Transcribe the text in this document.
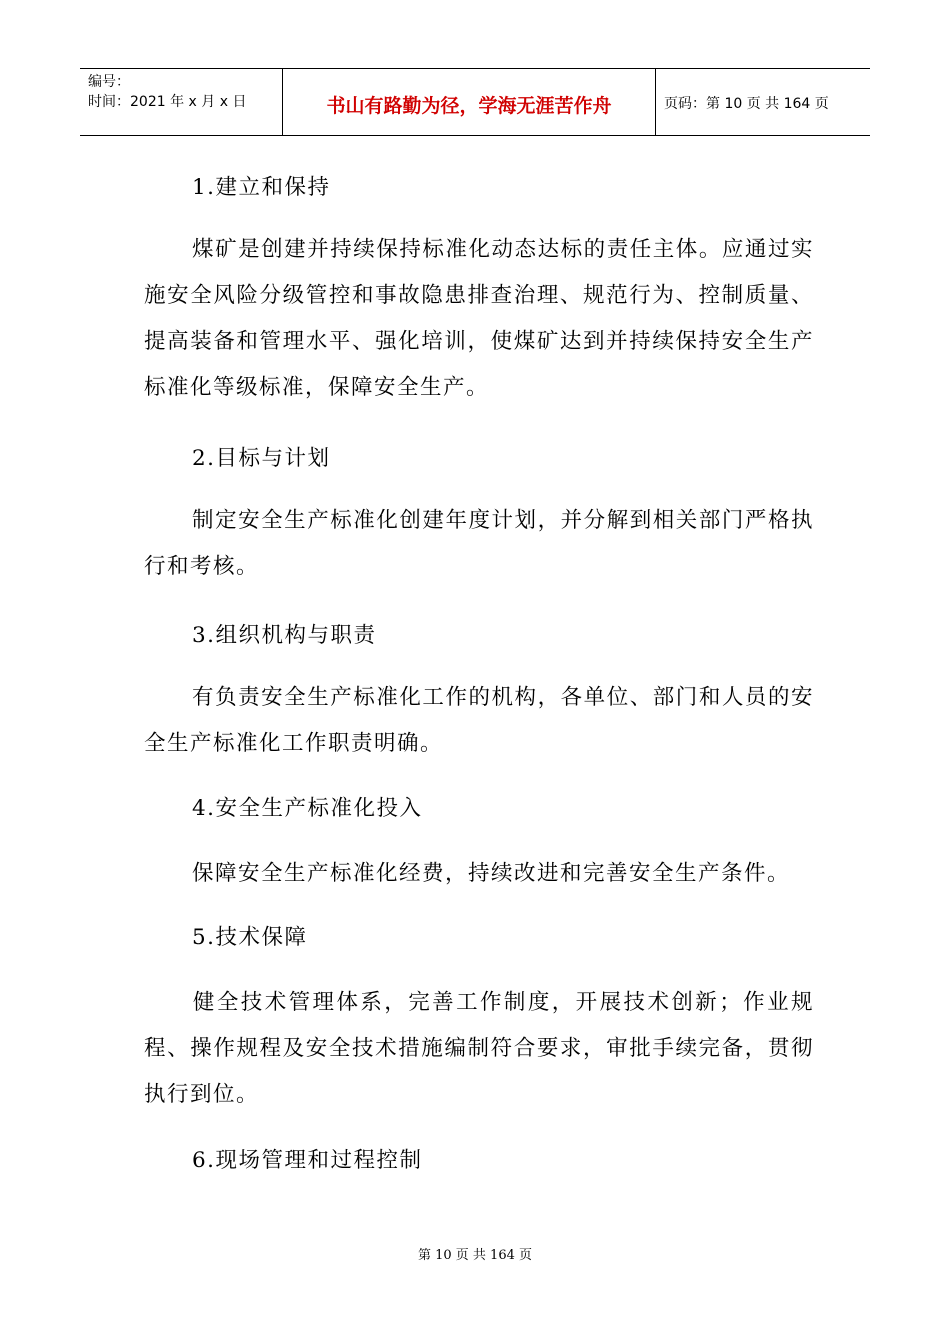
编号：
时间：2021 年 x 月 x 日	书山有路勤为径，学海无涯苦作舟	页码：第 10 页 共 164 页

1.建立和保持

煤矿是创建并持续保持标准化动态达标的责任主体。应通过实施安全风险分级管控和事故隐患排查治理、规范行为、控制质量、提高装备和管理水平、强化培训，使煤矿达到并持续保持安全生产标准化等级标准，保障安全生产。

2.目标与计划

制定安全生产标准化创建年度计划，并分解到相关部门严格执行和考核。

3.组织机构与职责

有负责安全生产标准化工作的机构，各单位、部门和人员的安全生产标准化工作职责明确。

4.安全生产标准化投入

保障安全生产标准化经费，持续改进和完善安全生产条件。

5.技术保障

健全技术管理体系，完善工作制度，开展技术创新；作业规程、操作规程及安全技术措施编制符合要求，审批手续完备，贯彻执行到位。

6.现场管理和过程控制

第 10 页 共 164 页
